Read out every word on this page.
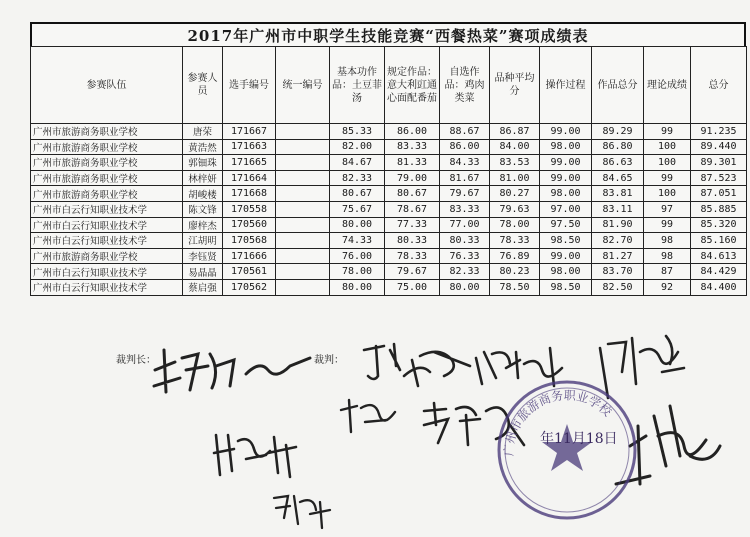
2017年广州市中职学生技能竞赛“西餐热菜”赛项成绩表
参赛队伍	参赛人员	选手编号	统一编号	基本功作品：土豆菲汤	规定作品：意大利豇通心面配番茄	自选作品：鸡肉类菜	品种平均分	操作过程	作品总分	理论成绩	总分
广州市旅游商务职业学校	唐荣	171667		85.33	86.00	88.67	86.87	99.00	89.29	99	91.235
广州市旅游商务职业学校	黄浩然	171663		82.00	83.33	86.00	84.00	98.00	86.80	100	89.440
广州市旅游商务职业学校	郭钿珠	171665		84.67	81.33	84.33	83.53	99.00	86.63	100	89.301
广州市旅游商务职业学校	林梓妍	171664		82.33	79.00	81.67	81.00	99.00	84.65	99	87.523
广州市旅游商务职业学校	胡峻楼	171668		80.67	80.67	79.67	80.27	98.00	83.81	100	87.051
广州市白云行知职业技术学	陈文锋	170558		75.67	78.67	83.33	79.63	97.00	83.11	97	85.885
广州市白云行知职业技术学	廖梓杰	170560		80.00	77.33	77.00	78.00	97.50	81.90	99	85.320
广州市白云行知职业技术学	江胡明	170568		74.33	80.33	80.33	78.33	98.50	82.70	98	85.160
广州市旅游商务职业学校	李钰贤	171666		76.00	78.33	76.33	76.89	99.00	81.27	98	84.613
广州市白云行知职业技术学	易晶晶	170561		78.00	79.67	82.33	80.23	98.00	83.70	87	84.429
广州市白云行知职业技术学	蔡启强	170562		80.00	75.00	80.00	78.50	98.50	82.50	92	84.400
裁判长：	裁判：
广州市旅游商务职业学校
年11月18日
